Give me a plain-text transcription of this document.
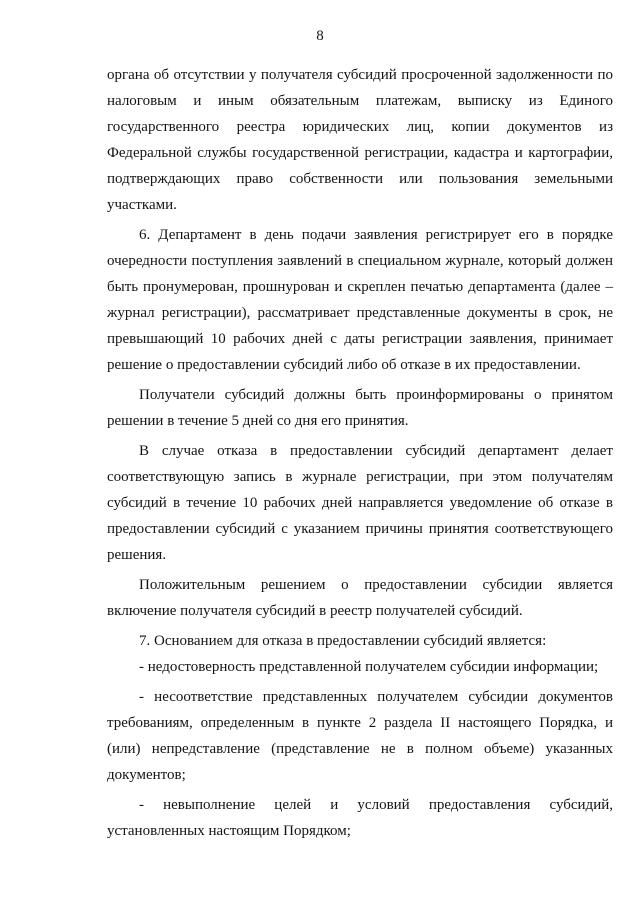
8

органа об отсутствии у получателя субсидий просроченной задолженности по налоговым и иным обязательным платежам, выписку из Единого государственного реестра юридических лиц, копии документов из Федеральной службы государственной регистрации, кадастра и картографии, подтверждающих право собственности или пользования земельными участками.

6. Департамент в день подачи заявления регистрирует его в порядке очередности поступления заявлений в специальном журнале, который должен быть пронумерован, прошнурован и скреплен печатью департамента (далее – журнал регистрации), рассматривает представленные документы в срок, не превышающий 10 рабочих дней с даты регистрации заявления, принимает решение о предоставлении субсидий либо об отказе в их предоставлении.

Получатели субсидий должны быть проинформированы о принятом решении в течение 5 дней со дня его принятия.

В случае отказа в предоставлении субсидий департамент делает соответствующую запись в журнале регистрации, при этом получателям субсидий в течение 10 рабочих дней направляется уведомление об отказе в предоставлении субсидий с указанием причины принятия соответствующего решения.

Положительным решением о предоставлении субсидии является включение получателя субсидий в реестр получателей субсидий.

7. Основанием для отказа в предоставлении субсидий является:

- недостоверность представленной получателем субсидии информации;

- несоответствие представленных получателем субсидии документов требованиям, определенным в пункте 2 раздела II настоящего Порядка, и (или) непредставление (представление не в полном объеме) указанных документов;

- невыполнение целей и условий предоставления субсидий, установленных настоящим Порядком;
